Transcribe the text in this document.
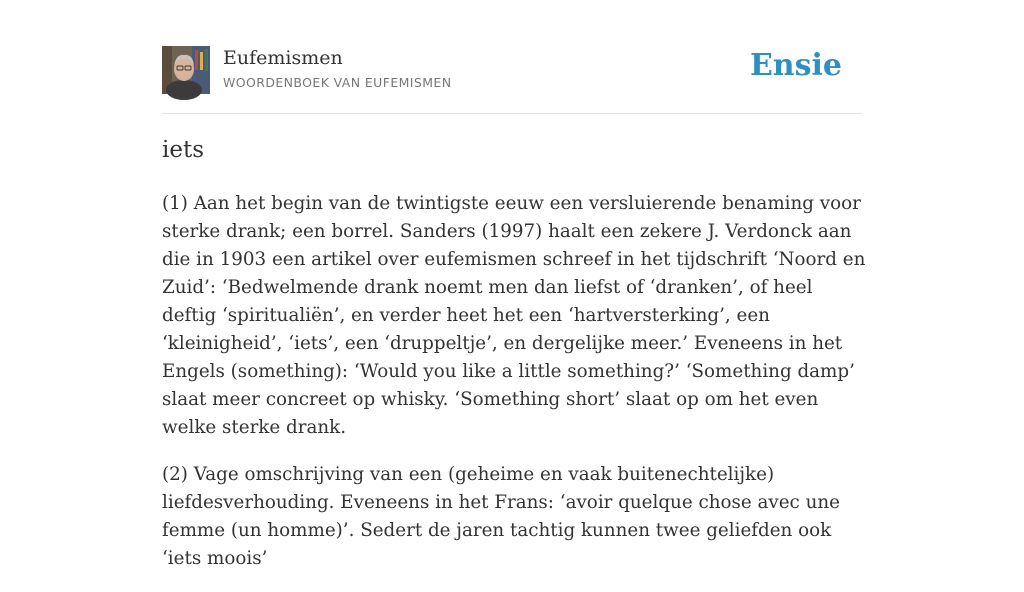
Eufemismen
WOORDENBOEK VAN EUFEMISMEN	Ensie
iets

(1) Aan het begin van de twintigste eeuw een versluierende benaming voor sterke drank; een borrel. Sanders (1997) haalt een zekere J. Verdonck aan die in 1903 een artikel over eufemismen schreef in het tijdschrift ‘Noord en Zuid’: ‘Bedwelmende drank noemt men dan liefst of ‘dranken’, of heel deftig ‘spiritualiën’, en verder heet het een ‘hartversterking’, een ‘kleinigheid’, ‘iets’, een ‘druppeltje’, en dergelijke meer.’ Eveneens in het Engels (something): ‘Would you like a little something?’ ‘Something damp’ slaat meer concreet op whisky. ‘Something short’ slaat op om het even welke sterke drank.

(2) Vage omschrijving van een (geheime en vaak buitenechtelijke) liefdesverhouding. Eveneens in het Frans: ‘avoir quelque chose avec une femme (un homme)’. Sedert de jaren tachtig kunnen twee geliefden ook ‘iets moois’
